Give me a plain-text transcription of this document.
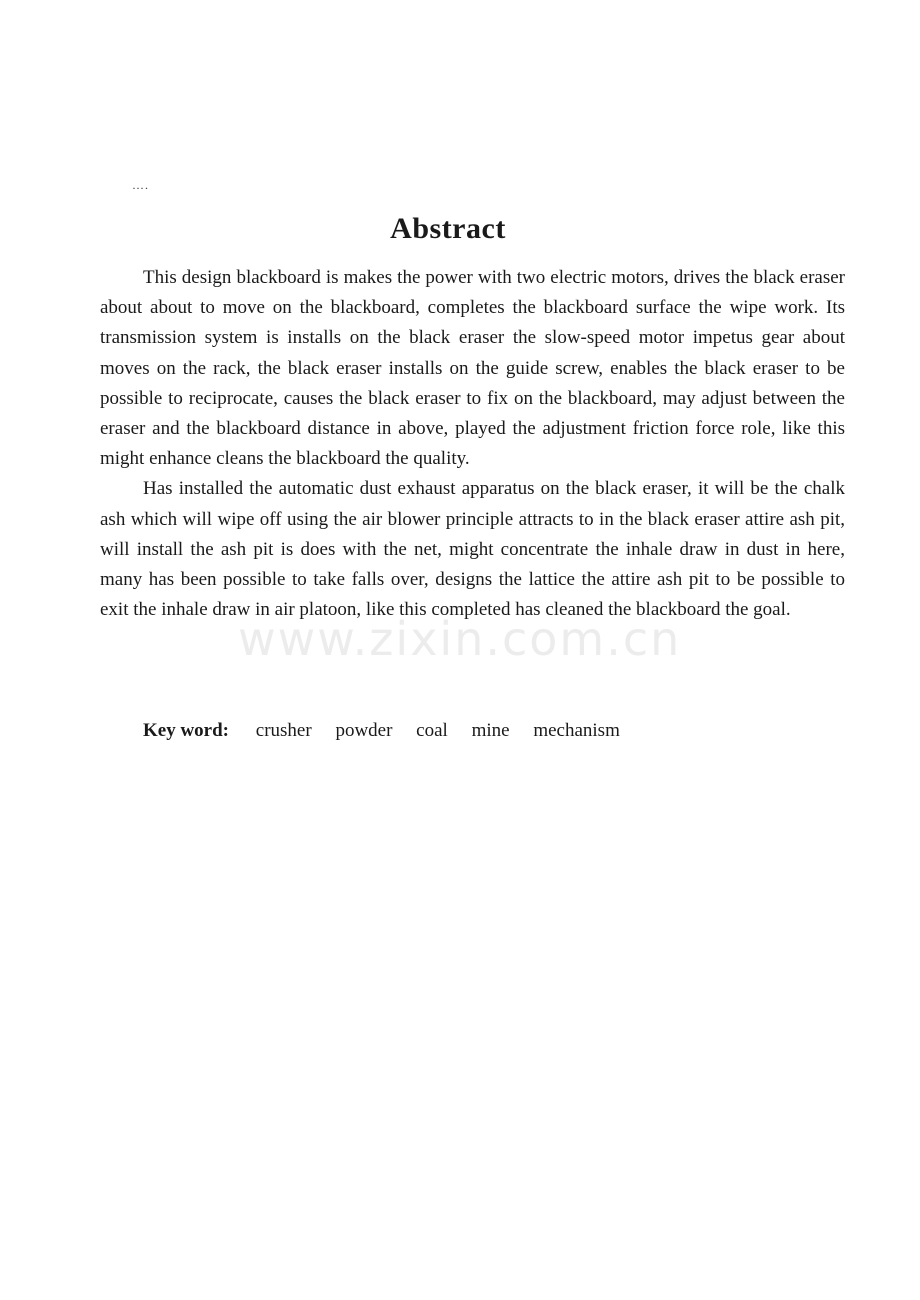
….
Abstract

This design blackboard is makes the power with two electric motors, drives the black eraser about about to move on the blackboard, completes the blackboard surface the wipe work. Its transmission system is installs on the black eraser the slow-speed motor impetus gear about moves on the rack, the black eraser installs on the guide screw, enables the black eraser to be possible to reciprocate, causes the black eraser to fix on the blackboard, may adjust between the eraser and the blackboard distance in above, played the adjustment friction force role, like this might enhance cleans the blackboard the quality.

Has installed the automatic dust exhaust apparatus on the black eraser, it will be the chalk ash which will wipe off using the air blower principle attracts to in the black eraser attire ash pit, will install the ash pit is does with the net, might concentrate the inhale draw in dust in here, many has been possible to take falls over, designs the lattice the attire ash pit to be possible to exit the inhale draw in air platoon, like this completed has cleaned the blackboard the goal.

Key word: crusher powder coal mine mechanism
www.zixin.com.cn
